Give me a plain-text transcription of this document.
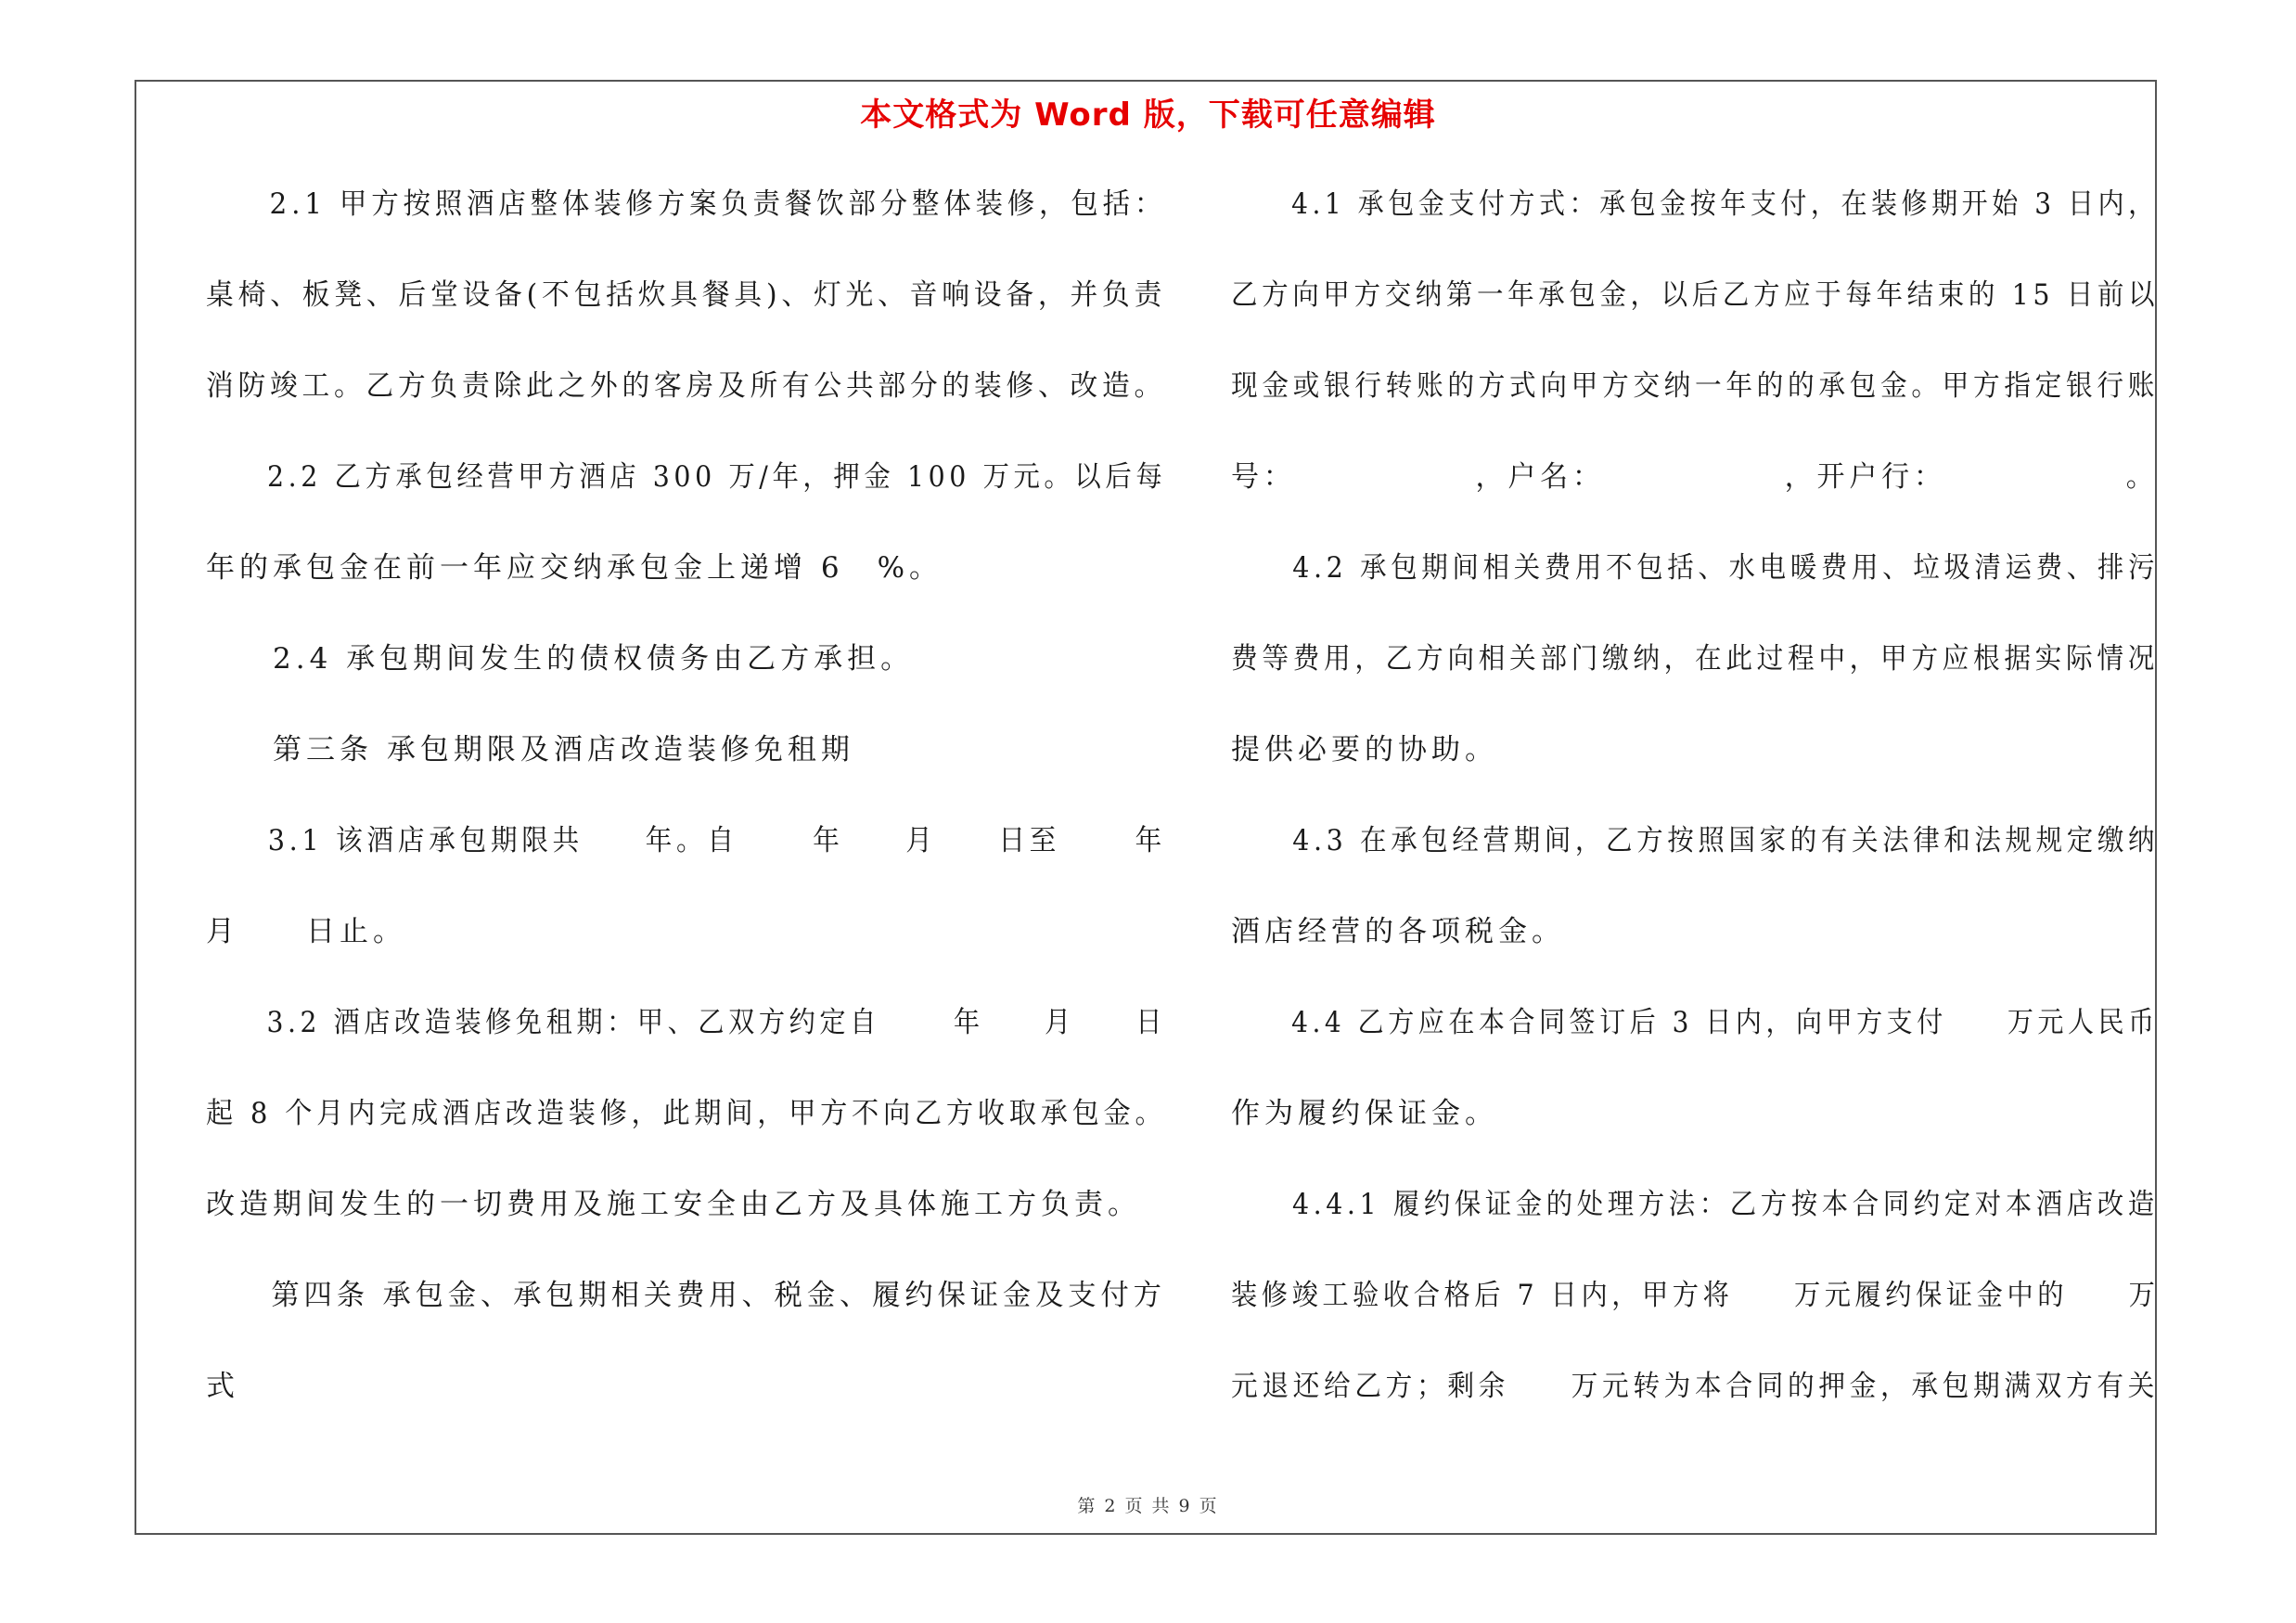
本文格式为 Word 版，下载可任意编辑
　　2.1 甲方按照酒店整体装修方案负责餐饮部分整体装修，包括：
桌椅、板凳、后堂设备(不包括炊具餐具)、灯光、音响设备，并负责
消防竣工。乙方负责除此之外的客房及所有公共部分的装修、改造。
　　2.2 乙方承包经营甲方酒店 300 万/年，押金 100 万元。以后每
年的承包金在前一年应交纳承包金上递增 6　%。
　　2.4 承包期间发生的债权债务由乙方承担。
　　第三条 承包期限及酒店改造装修免租期
　　3.1 该酒店承包期限共　　年。自　　 年　　月　　日至　　 年
月　　日止。
　　3.2 酒店改造装修免租期：甲、乙双方约定自　　 年　　月　　日
起 8 个月内完成酒店改造装修，此期间，甲方不向乙方收取承包金。
改造期间发生的一切费用及施工安全由乙方及具体施工方负责。
　　第四条 承包金、承包期相关费用、税金、履约保证金及支付方
式
　　4.1 承包金支付方式：承包金按年支付，在装修期开始 3 日内，
乙方向甲方交纳第一年承包金，以后乙方应于每年结束的 15 日前以
现金或银行转账的方式向甲方交纳一年的的承包金。甲方指定银行账
号：　　　　　　，户名：　　　　　　，开户行：　　　　　　。
　　4.2 承包期间相关费用不包括、水电暖费用、垃圾清运费、排污
费等费用，乙方向相关部门缴纳，在此过程中，甲方应根据实际情况
提供必要的协助。
　　4.3 在承包经营期间，乙方按照国家的有关法律和法规规定缴纳
酒店经营的各项税金。
　　4.4 乙方应在本合同签订后 3 日内，向甲方支付　　万元人民币
作为履约保证金。
　　4.4.1 履约保证金的处理方法：乙方按本合同约定对本酒店改造
装修竣工验收合格后 7 日内，甲方将　　万元履约保证金中的　　万
元退还给乙方；剩余　　万元转为本合同的押金，承包期满双方有关
第 2 页 共 9 页
